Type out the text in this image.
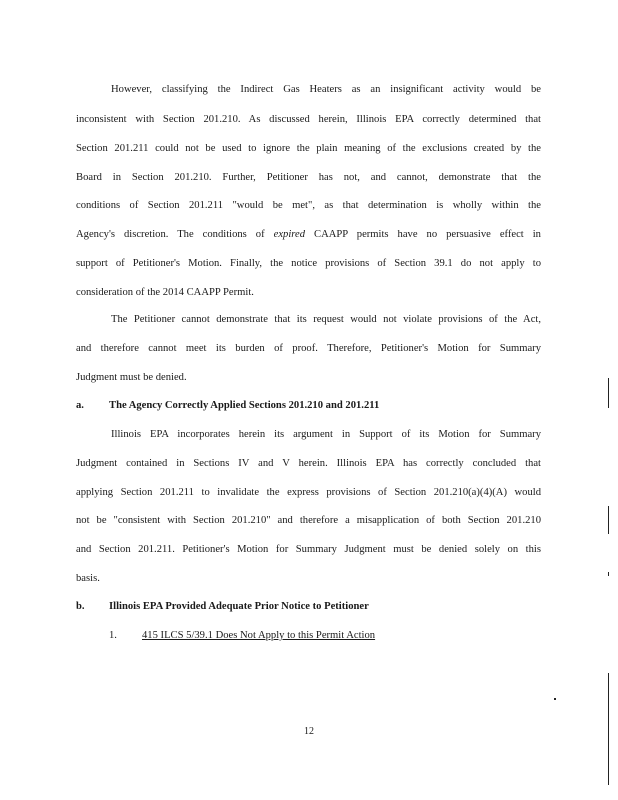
However, classifying the Indirect Gas Heaters as an insignificant activity would be
inconsistent with Section 201.210. As discussed herein, Illinois EPA correctly determined that
Section 201.211 could not be used to ignore the plain meaning of the exclusions created by the
Board in Section 201.210. Further, Petitioner has not, and cannot, demonstrate that the
conditions of Section 201.211 "would be met", as that determination is wholly within the
Agency's discretion. The conditions of expired CAAPP permits have no persuasive effect in
support of Petitioner's Motion. Finally, the notice provisions of Section 39.1 do not apply to
consideration of the 2014 CAAPP Permit.
The Petitioner cannot demonstrate that its request would not violate provisions of the Act,
and therefore cannot meet its burden of proof. Therefore, Petitioner's Motion for Summary
Judgment must be denied.
a. The Agency Correctly Applied Sections 201.210 and 201.211
Illinois EPA incorporates herein its argument in Support of its Motion for Summary
Judgment contained in Sections IV and V herein. Illinois EPA has correctly concluded that
applying Section 201.211 to invalidate the express provisions of Section 201.210(a)(4)(A) would
not be "consistent with Section 201.210" and therefore a misapplication of both Section 201.210
and Section 201.211. Petitioner's Motion for Summary Judgment must be denied solely on this
basis.
b. Illinois EPA Provided Adequate Prior Notice to Petitioner
1. 415 ILCS 5/39.1 Does Not Apply to this Permit Action
12
